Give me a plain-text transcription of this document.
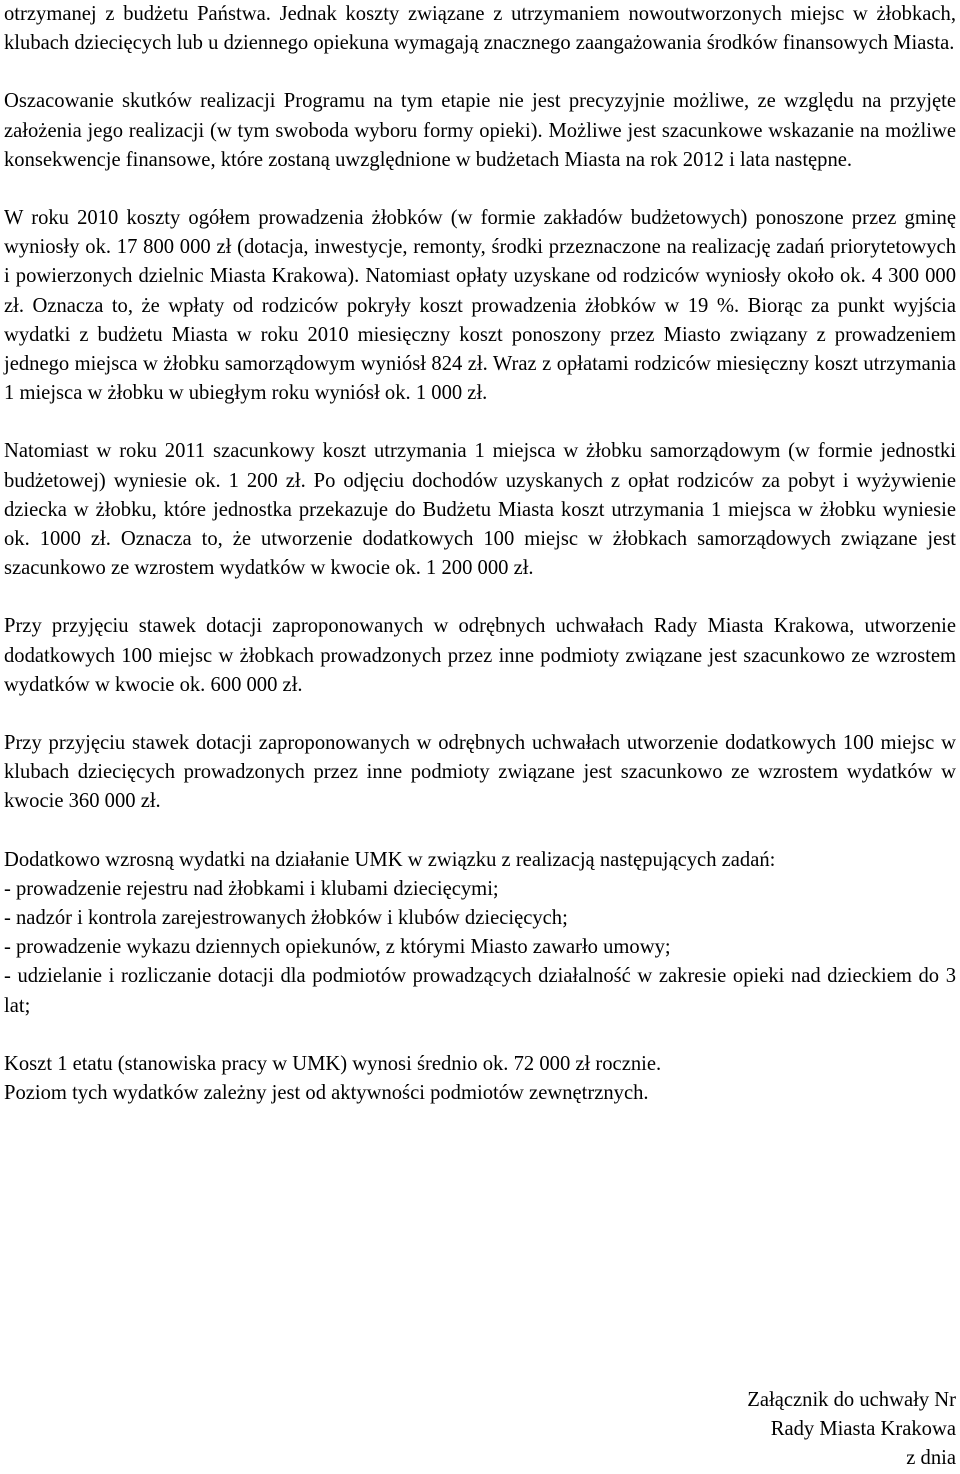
otrzymanej z budżetu Państwa. Jednak koszty związane z utrzymaniem nowoutworzonych miejsc w żłobkach, klubach dziecięcych lub u dziennego opiekuna wymagają znacznego zaangażowania środków finansowych Miasta.

Oszacowanie skutków realizacji Programu na tym etapie nie jest precyzyjnie możliwe, ze względu na przyjęte założenia jego realizacji (w tym swoboda wyboru formy opieki). Możliwe jest szacunkowe wskazanie na możliwe konsekwencje finansowe, które zostaną uwzględnione w budżetach Miasta na rok 2012 i lata następne.

W roku 2010 koszty ogółem prowadzenia żłobków (w formie zakładów budżetowych) ponoszone przez gminę wyniosły ok. 17 800 000 zł (dotacja, inwestycje, remonty, środki przeznaczone na realizację zadań priorytetowych i powierzonych dzielnic Miasta Krakowa). Natomiast opłaty uzyskane od rodziców wyniosły około ok. 4 300 000 zł. Oznacza to, że wpłaty od rodziców pokryły koszt prowadzenia żłobków w 19 %. Biorąc za punkt wyjścia wydatki z budżetu Miasta w roku 2010 miesięczny koszt ponoszony przez Miasto związany z prowadzeniem jednego miejsca w żłobku samorządowym wyniósł 824 zł. Wraz z opłatami rodziców miesięczny koszt utrzymania 1 miejsca w żłobku w ubiegłym roku wyniósł ok. 1 000 zł.

Natomiast w roku 2011 szacunkowy koszt utrzymania 1 miejsca w żłobku samorządowym (w formie jednostki budżetowej) wyniesie ok. 1 200 zł. Po odjęciu dochodów uzyskanych z opłat rodziców za pobyt i wyżywienie dziecka w żłobku, które jednostka przekazuje do Budżetu Miasta koszt utrzymania 1 miejsca w żłobku wyniesie ok. 1000 zł. Oznacza to, że utworzenie dodatkowych 100 miejsc w żłobkach samorządowych związane jest szacunkowo ze wzrostem wydatków w kwocie ok. 1 200 000 zł.

Przy przyjęciu stawek dotacji zaproponowanych w odrębnych uchwałach Rady Miasta Krakowa, utworzenie dodatkowych 100 miejsc w żłobkach prowadzonych przez inne podmioty związane jest szacunkowo ze wzrostem wydatków w kwocie ok. 600 000 zł.

Przy przyjęciu stawek dotacji zaproponowanych w odrębnych uchwałach utworzenie dodatkowych 100 miejsc w klubach dziecięcych prowadzonych przez inne podmioty związane jest szacunkowo ze wzrostem wydatków w kwocie 360 000 zł.

Dodatkowo wzrosną wydatki na działanie UMK w związku z realizacją następujących zadań:

- prowadzenie rejestru nad żłobkami i klubami dziecięcymi;

- nadzór i kontrola zarejestrowanych żłobków i klubów dziecięcych;

- prowadzenie wykazu dziennych opiekunów, z którymi Miasto zawarło umowy;

- udzielanie i rozliczanie dotacji dla podmiotów prowadzących działalność w zakresie opieki nad dzieckiem do 3 lat;

Koszt 1 etatu (stanowiska pracy w UMK) wynosi średnio ok. 72 000 zł rocznie.

Poziom tych wydatków zależny jest od aktywności podmiotów zewnętrznych.

Załącznik do uchwały Nr
Rady Miasta Krakowa
z dnia
